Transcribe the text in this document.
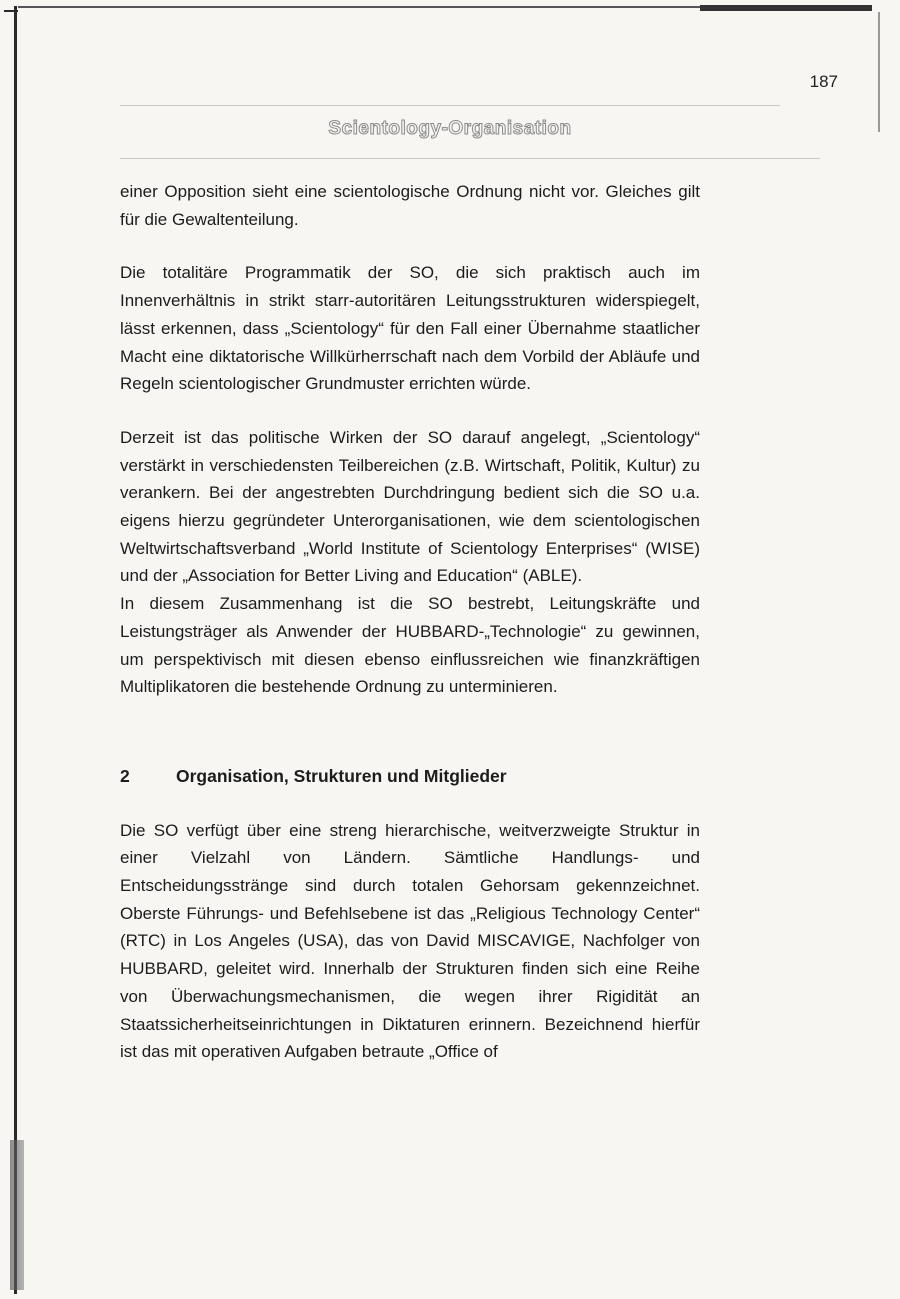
187
Scientology-Organisation

einer Opposition sieht eine scientologische Ordnung nicht vor. Gleiches gilt für die Gewaltenteilung.

Die totalitäre Programmatik der SO, die sich praktisch auch im Innenverhältnis in strikt starr-autoritären Leitungsstrukturen widerspiegelt, lässt erkennen, dass „Scientology“ für den Fall einer Übernahme staatlicher Macht eine diktatorische Willkürherrschaft nach dem Vorbild der Abläufe und Regeln scientologischer Grundmuster errichten würde.

Derzeit ist das politische Wirken der SO darauf angelegt, „Scientology“ verstärkt in verschiedensten Teilbereichen (z.B. Wirtschaft, Politik, Kultur) zu verankern. Bei der angestrebten Durchdringung bedient sich die SO u.a. eigens hierzu gegründeter Unterorganisationen, wie dem scientologischen Weltwirtschaftsverband „World Institute of Scientology Enterprises“ (WISE) und der „Association for Better Living and Education“ (ABLE).

In diesem Zusammenhang ist die SO bestrebt, Leitungskräfte und Leistungsträger als Anwender der HUBBARD-„Technologie“ zu gewinnen, um perspektivisch mit diesen ebenso einflussreichen wie finanzkräftigen Multiplikatoren die bestehende Ordnung zu unterminieren.

2	Organisation, Strukturen und Mitglieder

Die SO verfügt über eine streng hierarchische, weitverzweigte Struktur in einer Vielzahl von Ländern. Sämtliche Handlungs- und Entscheidungsstränge sind durch totalen Gehorsam gekennzeichnet. Oberste Führungs- und Befehlsebene ist das „Religious Technology Center“ (RTC) in Los Angeles (USA), das von David MISCAVIGE, Nachfolger von HUBBARD, geleitet wird. Innerhalb der Strukturen finden sich eine Reihe von Überwachungsmechanismen, die wegen ihrer Rigidität an Staatssicherheitseinrichtungen in Diktaturen erinnern. Bezeichnend hierfür ist das mit operativen Aufgaben betraute „Office of
